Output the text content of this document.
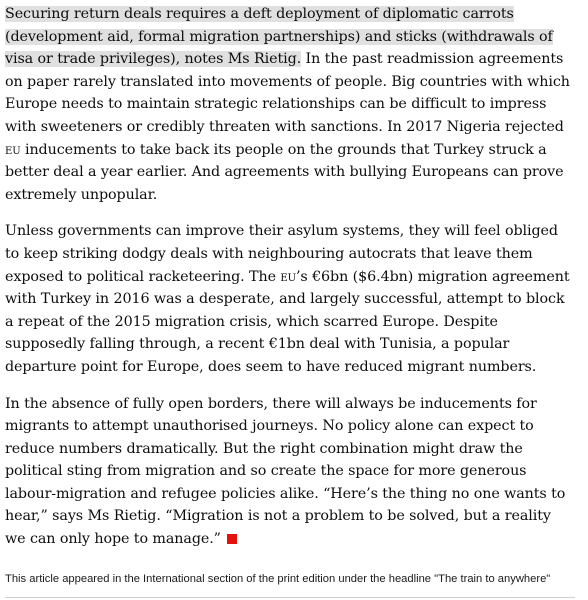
Securing return deals requires a deft deployment of diplomatic carrots (development aid, formal migration partnerships) and sticks (withdrawals of visa or trade privileges), notes Ms Rietig. In the past readmission agreements on paper rarely translated into movements of people. Big countries with which Europe needs to maintain strategic relationships can be difficult to impress with sweeteners or credibly threaten with sanctions. In 2017 Nigeria rejected eu inducements to take back its people on the grounds that Turkey struck a better deal a year earlier. And agreements with bullying Europeans can prove extremely unpopular.

Unless governments can improve their asylum systems, they will feel obliged to keep striking dodgy deals with neighbouring autocrats that leave them exposed to political racketeering. The eu’s €6bn ($6.4bn) migration agreement with Turkey in 2016 was a desperate, and largely successful, attempt to block a repeat of the 2015 migration crisis, which scarred Europe. Despite supposedly falling through, a recent €1bn deal with Tunisia, a popular departure point for Europe, does seem to have reduced migrant numbers.

In the absence of fully open borders, there will always be inducements for migrants to attempt unauthorised journeys. No policy alone can expect to reduce numbers dramatically. But the right combination might draw the political sting from migration and so create the space for more generous labour-migration and refugee policies alike. “Here’s the thing no one wants to hear,” says Ms Rietig. “Migration is not a problem to be solved, but a reality we can only hope to manage.”

This article appeared in the International section of the print edition under the headline "The train to anywhere"
